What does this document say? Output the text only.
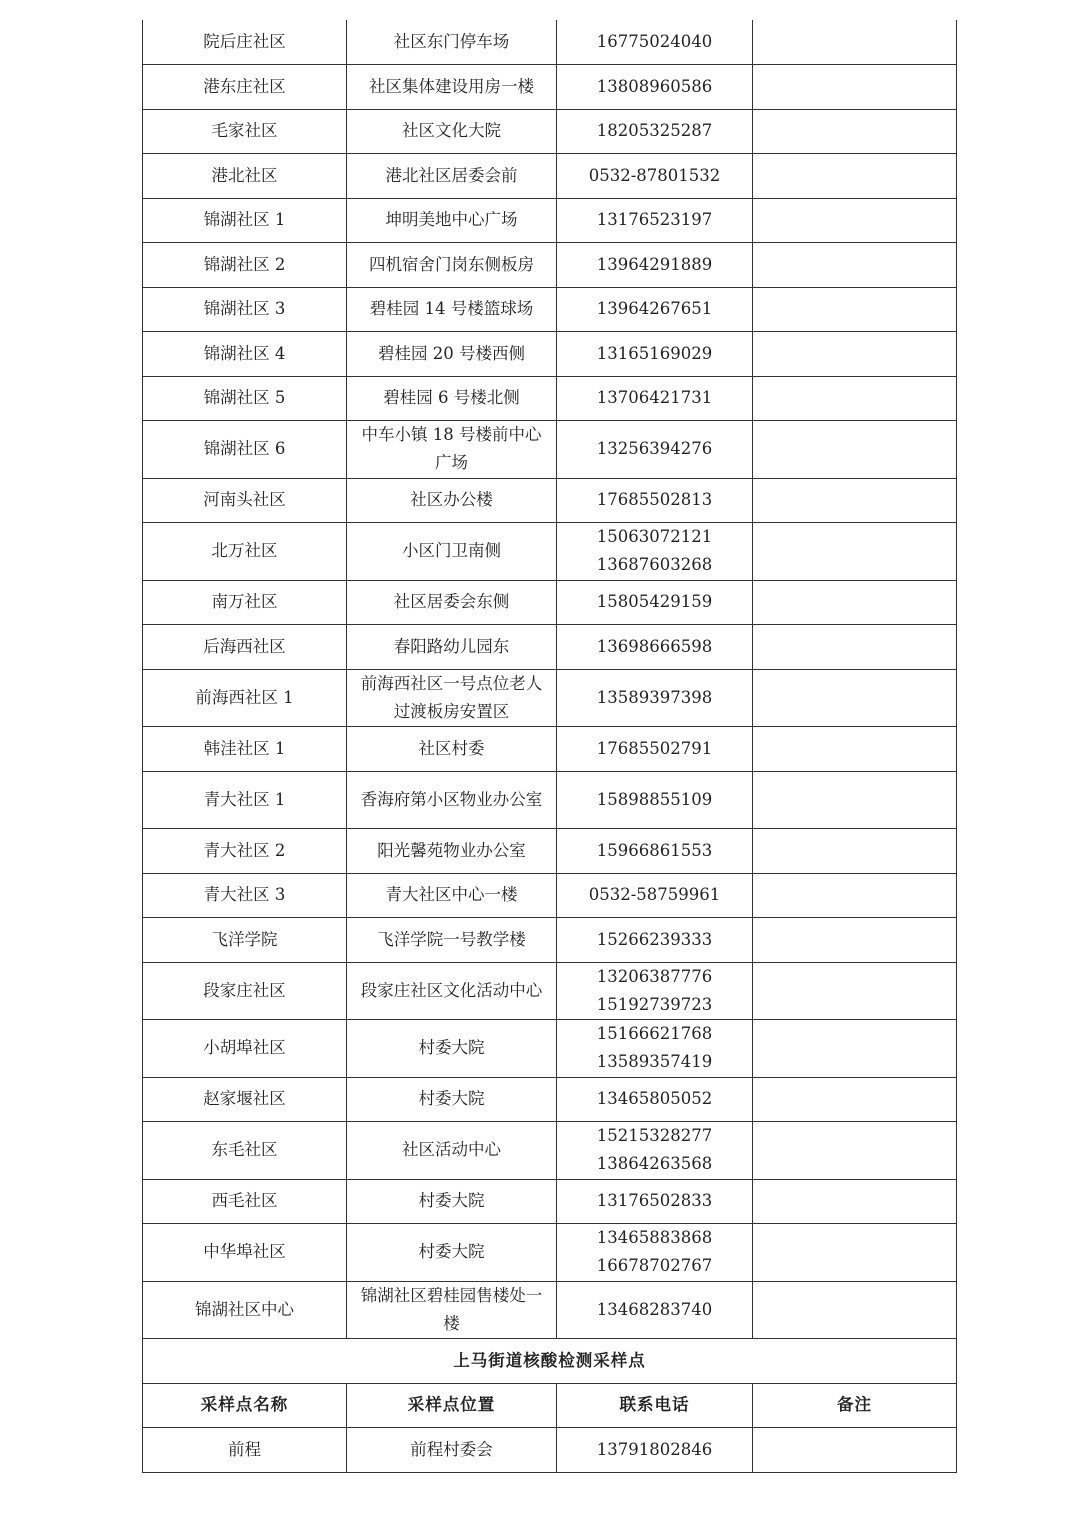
院后庄社区	社区东门停车场	16775024040	

港东庄社区	社区集体建设用房一楼	13808960586	

毛家社区	社区文化大院	18205325287	

港北社区	港北社区居委会前	0532-87801532	

锦湖社区 1	坤明美地中心广场	13176523197	

锦湖社区 2	四机宿舍门岗东侧板房	13964291889	

锦湖社区 3	碧桂园 14 号楼篮球场	13964267651	

锦湖社区 4	碧桂园 20 号楼西侧	13165169029	

锦湖社区 5	碧桂园 6 号楼北侧	13706421731	

锦湖社区 6	中车小镇 18 号楼前中心广场	13256394276	

河南头社区	社区办公楼	17685502813	

北万社区	小区门卫南侧	15063072121
13687603268	

南万社区	社区居委会东侧	15805429159	

后海西社区	春阳路幼儿园东	13698666598	

前海西社区 1	前海西社区一号点位老人过渡板房安置区	13589397398	

韩洼社区 1	社区村委	17685502791	

青大社区 1	香海府第小区物业办公室	15898855109	

青大社区 2	阳光馨苑物业办公室	15966861553	

青大社区 3	青大社区中心一楼	0532-58759961	

飞洋学院	飞洋学院一号教学楼	15266239333	

段家庄社区	段家庄社区文化活动中心	13206387776
15192739723	

小胡埠社区	村委大院	15166621768
13589357419	

赵家堰社区	村委大院	13465805052	

东毛社区	社区活动中心	15215328277
13864263568	

西毛社区	村委大院	13176502833	

中华埠社区	村委大院	13465883868
16678702767	

锦湖社区中心	锦湖社区碧桂园售楼处一楼	13468283740	

上马街道核酸检测采样点			
采样点名称	采样点位置	联系电话	备注
前程	前程村委会	13791802846	
